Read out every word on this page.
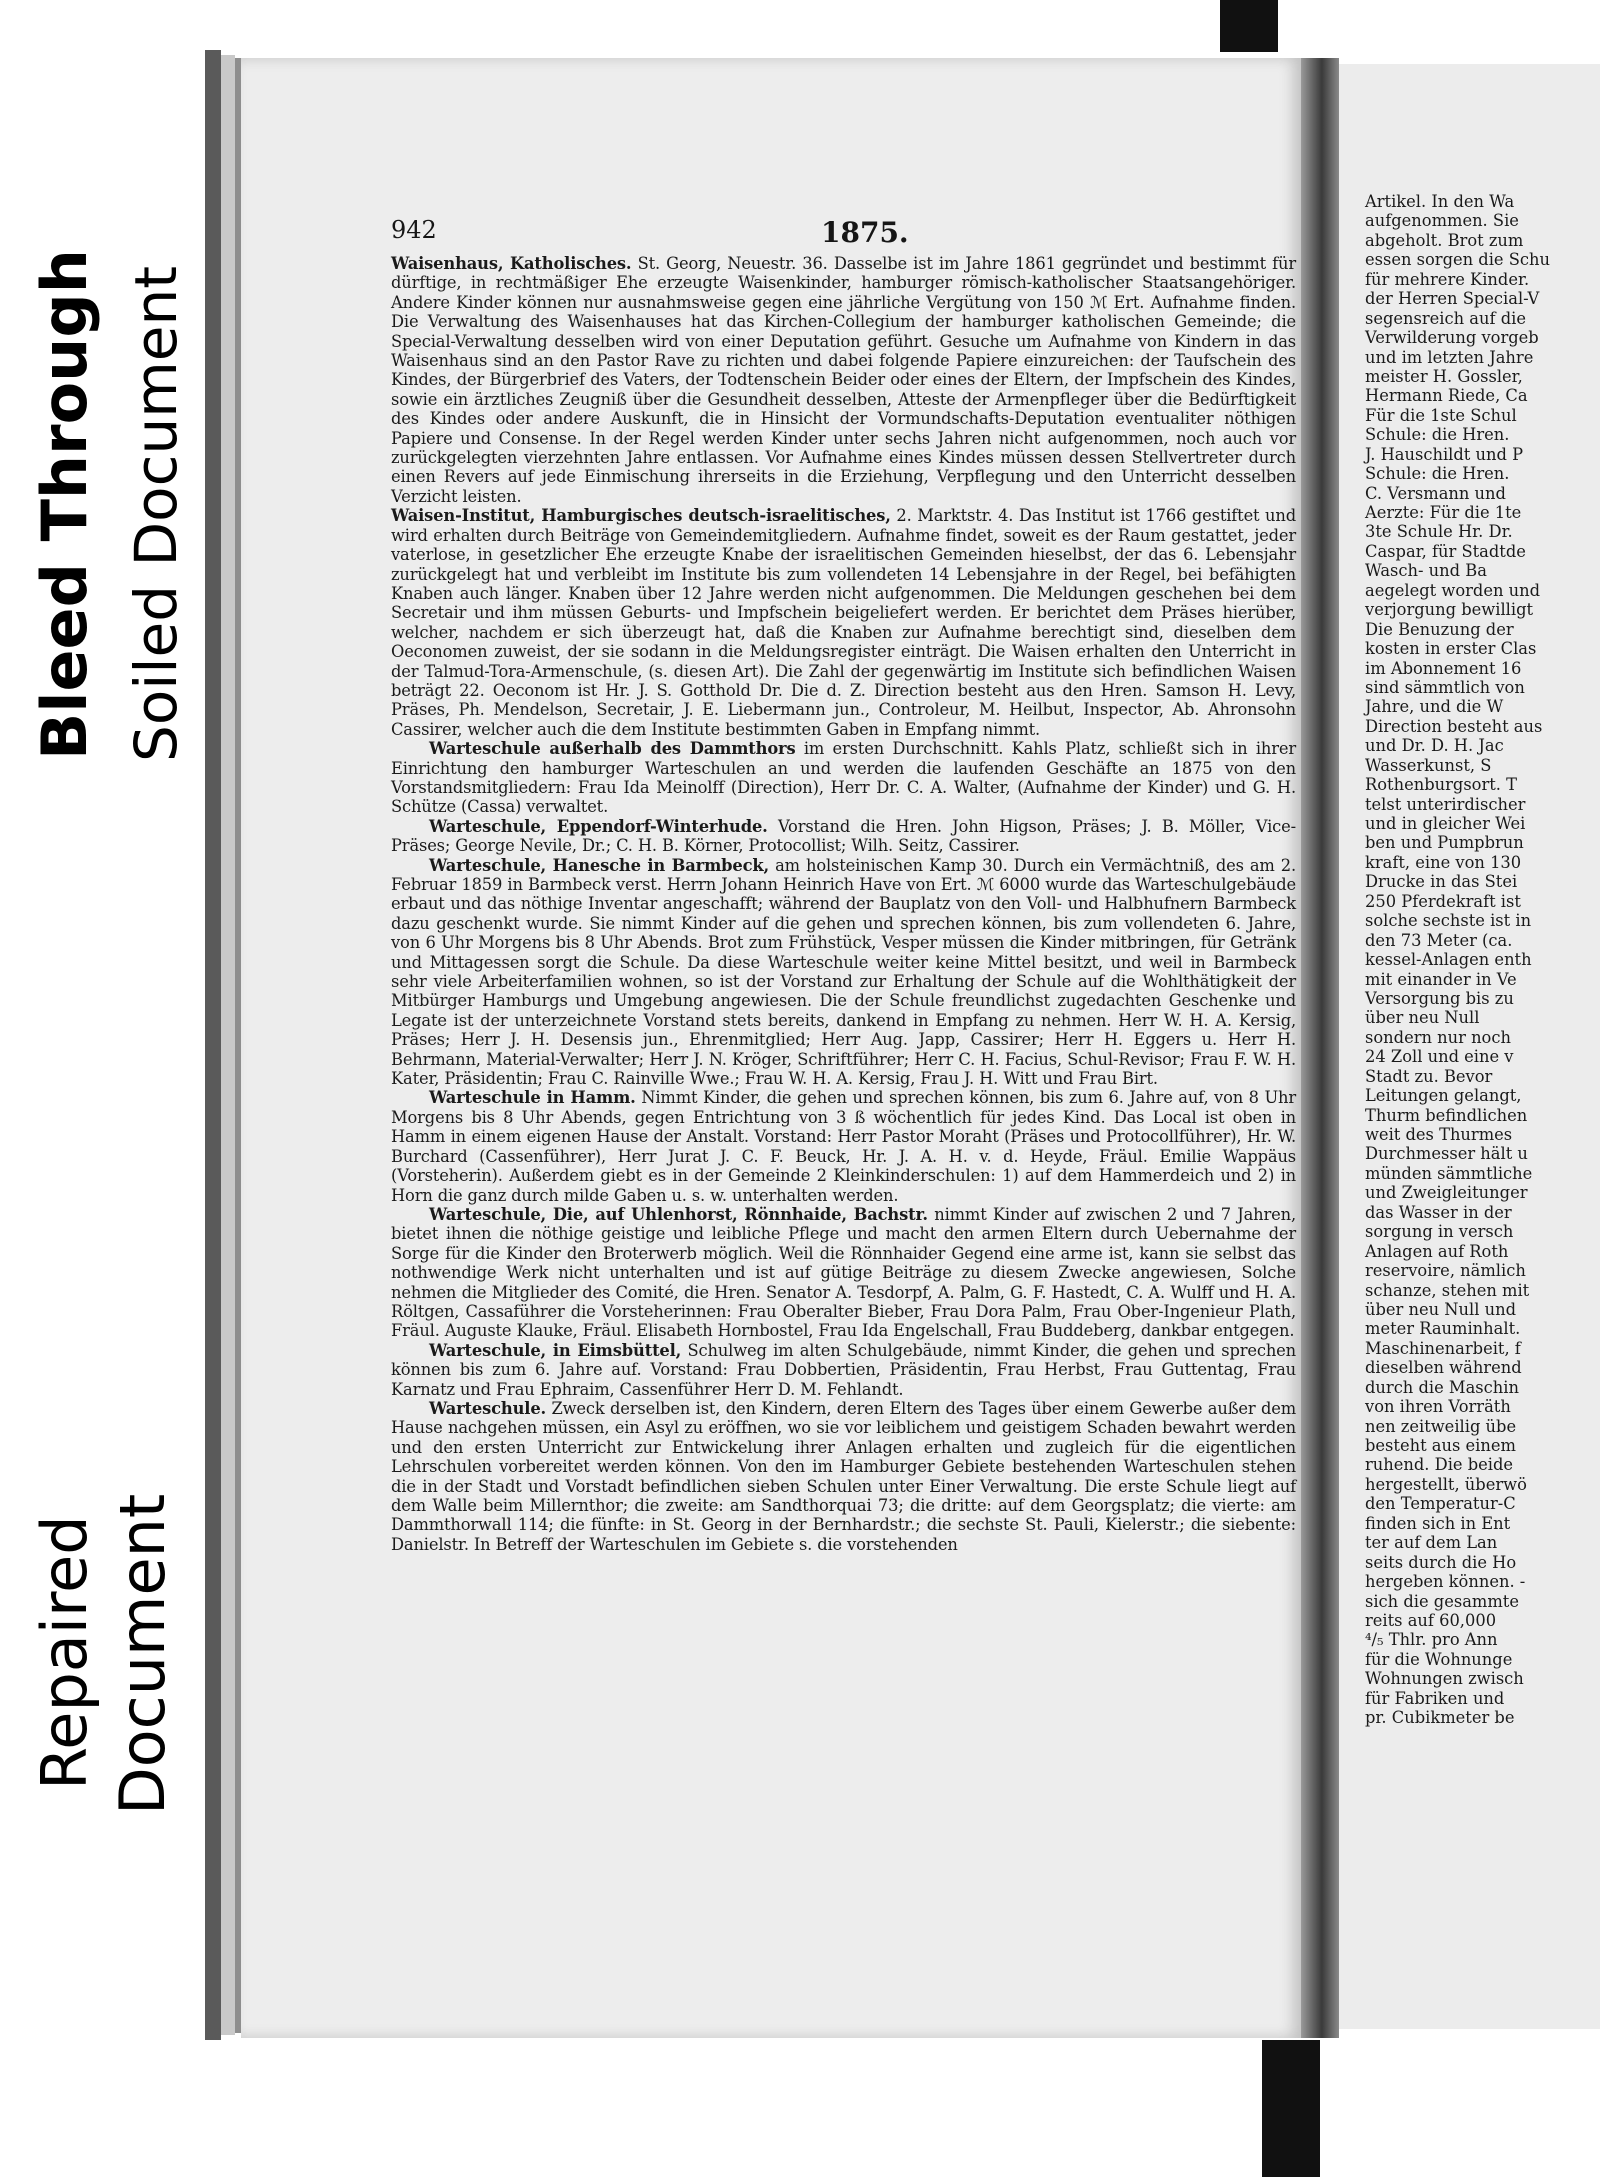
Bleed Through Soiled Document
Repaired Document
942	1875.

Waisenhaus, Katholisches. St. Georg, Neuestr. 36. Dasselbe ist im Jahre 1861 gegründet und bestimmt für dürftige, in rechtmäßiger Ehe erzeugte Waisenkinder, hamburger römisch-katholischer Staatsangehöriger. Andere Kinder können nur ausnahmsweise gegen eine jährliche Vergütung von 150 ℳ Ert. Aufnahme finden. Die Verwaltung des Waisenhauses hat das Kirchen-Collegium der hamburger katholischen Gemeinde; die Special-Verwaltung desselben wird von einer Deputation geführt. Gesuche um Aufnahme von Kindern in das Waisenhaus sind an den Pastor Rave zu richten und dabei folgende Papiere einzureichen: der Taufschein des Kindes, der Bürgerbrief des Vaters, der Todtenschein Beider oder eines der Eltern, der Impfschein des Kindes, sowie ein ärztliches Zeugniß über die Gesundheit desselben, Atteste der Armenpfleger über die Bedürftigkeit des Kindes oder andere Auskunft, die in Hinsicht der Vormundschafts-Deputation eventualiter nöthigen Papiere und Consense. In der Regel werden Kinder unter sechs Jahren nicht aufgenommen, noch auch vor zurückgelegten vierzehnten Jahre entlassen. Vor Aufnahme eines Kindes müssen dessen Stellvertreter durch einen Revers auf jede Einmischung ihrerseits in die Erziehung, Verpflegung und den Unterricht desselben Verzicht leisten.

Waisen-Institut, Hamburgisches deutsch-israelitisches, 2. Marktstr. 4. Das Institut ist 1766 gestiftet und wird erhalten durch Beiträge von Gemeindemitgliedern. Aufnahme findet, soweit es der Raum gestattet, jeder vaterlose, in gesetzlicher Ehe erzeugte Knabe der israelitischen Gemeinden hieselbst, der das 6. Lebensjahr zurückgelegt hat und verbleibt im Institute bis zum vollendeten 14 Lebensjahre in der Regel, bei befähigten Knaben auch länger. Knaben über 12 Jahre werden nicht aufgenommen. Die Meldungen geschehen bei dem Secretair und ihm müssen Geburts- und Impfschein beigeliefert werden. Er berichtet dem Präses hierüber, welcher, nachdem er sich überzeugt hat, daß die Knaben zur Aufnahme berechtigt sind, dieselben dem Oeconomen zuweist, der sie sodann in die Meldungsregister einträgt. Die Waisen erhalten den Unterricht in der Talmud-Tora-Armenschule, (s. diesen Art). Die Zahl der gegenwärtig im Institute sich befindlichen Waisen beträgt 22. Oeconom ist Hr. J. S. Gotthold Dr. Die d. Z. Direction besteht aus den Hren. Samson H. Levy, Präses, Ph. Mendelson, Secretair, J. E. Liebermann jun., Controleur, M. Heilbut, Inspector, Ab. Ahronsohn Cassirer, welcher auch die dem Institute bestimmten Gaben in Empfang nimmt.

Warteschule außerhalb des Dammthors im ersten Durchschnitt. Kahls Platz, schließt sich in ihrer Einrichtung den hamburger Warteschulen an und werden die laufenden Geschäfte an 1875 von den Vorstandsmitgliedern: Frau Ida Meinolff (Direction), Herr Dr. C. A. Walter, (Aufnahme der Kinder) und G. H. Schütze (Cassa) verwaltet.

Warteschule, Eppendorf-Winterhude. Vorstand die Hren. John Higson, Präses; J. B. Möller, Vice-Präses; George Nevile, Dr.; C. H. B. Körner, Protocollist; Wilh. Seitz, Cassirer.

Warteschule, Hanesche in Barmbeck, am holsteinischen Kamp 30. Durch ein Vermächtniß, des am 2. Februar 1859 in Barmbeck verst. Herrn Johann Heinrich Have von Ert. ℳ 6000 wurde das Warteschulgebäude erbaut und das nöthige Inventar angeschafft; während der Bauplatz von den Voll- und Halbhufnern Barmbeck dazu geschenkt wurde. Sie nimmt Kinder auf die gehen und sprechen können, bis zum vollendeten 6. Jahre, von 6 Uhr Morgens bis 8 Uhr Abends. Brot zum Frühstück, Vesper müssen die Kinder mitbringen, für Getränk und Mittagessen sorgt die Schule. Da diese Warteschule weiter keine Mittel besitzt, und weil in Barmbeck sehr viele Arbeiterfamilien wohnen, so ist der Vorstand zur Erhaltung der Schule auf die Wohlthätigkeit der Mitbürger Hamburgs und Umgebung angewiesen. Die der Schule freundlichst zugedachten Geschenke und Legate ist der unterzeichnete Vorstand stets bereits, dankend in Empfang zu nehmen. Herr W. H. A. Kersig, Präses; Herr J. H. Desensis jun., Ehrenmitglied; Herr Aug. Japp, Cassirer; Herr H. Eggers u. Herr H. Behrmann, Material-Verwalter; Herr J. N. Kröger, Schriftführer; Herr C. H. Facius, Schul-Revisor; Frau F. W. H. Kater, Präsidentin; Frau C. Rainville Wwe.; Frau W. H. A. Kersig, Frau J. H. Witt und Frau Birt.

Warteschule in Hamm. Nimmt Kinder, die gehen und sprechen können, bis zum 6. Jahre auf, von 8 Uhr Morgens bis 8 Uhr Abends, gegen Entrichtung von 3 ß wöchentlich für jedes Kind. Das Local ist oben in Hamm in einem eigenen Hause der Anstalt. Vorstand: Herr Pastor Moraht (Präses und Protocollführer), Hr. W. Burchard (Cassenführer), Herr Jurat J. C. F. Beuck, Hr. J. A. H. v. d. Heyde, Fräul. Emilie Wappäus (Vorsteherin). Außerdem giebt es in der Gemeinde 2 Kleinkinderschulen: 1) auf dem Hammerdeich und 2) in Horn die ganz durch milde Gaben u. s. w. unterhalten werden.

Warteschule, Die, auf Uhlenhorst, Rönnhaide, Bachstr. nimmt Kinder auf zwischen 2 und 7 Jahren, bietet ihnen die nöthige geistige und leibliche Pflege und macht den armen Eltern durch Uebernahme der Sorge für die Kinder den Broterwerb möglich. Weil die Rönnhaider Gegend eine arme ist, kann sie selbst das nothwendige Werk nicht unterhalten und ist auf gütige Beiträge zu diesem Zwecke angewiesen, Solche nehmen die Mitglieder des Comité, die Hren. Senator A. Tesdorpf, A. Palm, G. F. Hastedt, C. A. Wulff und H. A. Röltgen, Cassaführer die Vorsteherinnen: Frau Oberalter Bieber, Frau Dora Palm, Frau Ober-Ingenieur Plath, Fräul. Auguste Klauke, Fräul. Elisabeth Hornbostel, Frau Ida Engelschall, Frau Buddeberg, dankbar entgegen.

Warteschule, in Eimsbüttel, Schulweg im alten Schulgebäude, nimmt Kinder, die gehen und sprechen können bis zum 6. Jahre auf. Vorstand: Frau Dobbertien, Präsidentin, Frau Herbst, Frau Guttentag, Frau Karnatz und Frau Ephraim, Cassenführer Herr D. M. Fehlandt.

Warteschule. Zweck derselben ist, den Kindern, deren Eltern des Tages über einem Gewerbe außer dem Hause nachgehen müssen, ein Asyl zu eröffnen, wo sie vor leiblichem und geistigem Schaden bewahrt werden und den ersten Unterricht zur Entwickelung ihrer Anlagen erhalten und zugleich für die eigentlichen Lehrschulen vorbereitet werden können. Von den im Hamburger Gebiete bestehenden Warteschulen stehen die in der Stadt und Vorstadt befindlichen sieben Schulen unter Einer Verwaltung. Die erste Schule liegt auf dem Walle beim Millernthor; die zweite: am Sandthorquai 73; die dritte: auf dem Georgsplatz; die vierte: am Dammthorwall 114; die fünfte: in St. Georg in der Bernhardstr.; die sechste St. Pauli, Kielerstr.; die siebente: Danielstr. In Betreff der Warteschulen im Gebiete s. die vorstehenden

Artikel. In den Wa
aufgenommen. Sie
abgeholt. Brot zum
essen sorgen die Schu
für mehrere Kinder.
der Herren Special-V
segensreich auf die
Verwilderung vorgeb
und im letzten Jahre
meister H. Gossler,
Hermann Riede, Ca
Für die 1ste Schul
Schule: die Hren.
J. Hauschildt und P
Schule: die Hren.
C. Versmann und
Aerzte: Für die 1te
3te Schule Hr. Dr.
Caspar, für Stadtde
Wasch- und Ba
aegelegt worden und
verjorgung bewilligt
Die Benuzung der
kosten in erster Clas
im Abonnement 16
sind sämmtlich von
Jahre, und die W
Direction besteht aus
und Dr. D. H. Jac
Wasserkunst, S
Rothenburgsort. T
telst unterirdischer
und in gleicher Wei
ben und Pumpbrun
kraft, eine von 130
Drucke in das Stei
250 Pferdekraft ist
solche sechste ist in
den 73 Meter (ca.
kessel-Anlagen enth
mit einander in Ve
Versorgung bis zu
über neu Null
sondern nur noch
24 Zoll und eine v
Stadt zu. Bevor
Leitungen gelangt,
Thurm befindlichen
weit des Thurmes
Durchmesser hält u
münden sämmtliche
und Zweigleitunger
das Wasser in der
sorgung in versch
Anlagen auf Roth
reservoire, nämlich
schanze, stehen mit
über neu Null und
meter Rauminhalt.
Maschinenarbeit, f
dieselben während
durch die Maschin
von ihren Vorräth
nen zeitweilig übe
besteht aus einem
ruhend. Die beide
hergestellt, überwö
den Temperatur-C
finden sich in Ent
ter auf dem Lan
seits durch die Ho
hergeben können. -
sich die gesammte
reits auf 60,000
⁴/₅ Thlr. pro Ann
für die Wohnunge
Wohnungen zwisch
für Fabriken und
pr. Cubikmeter be
